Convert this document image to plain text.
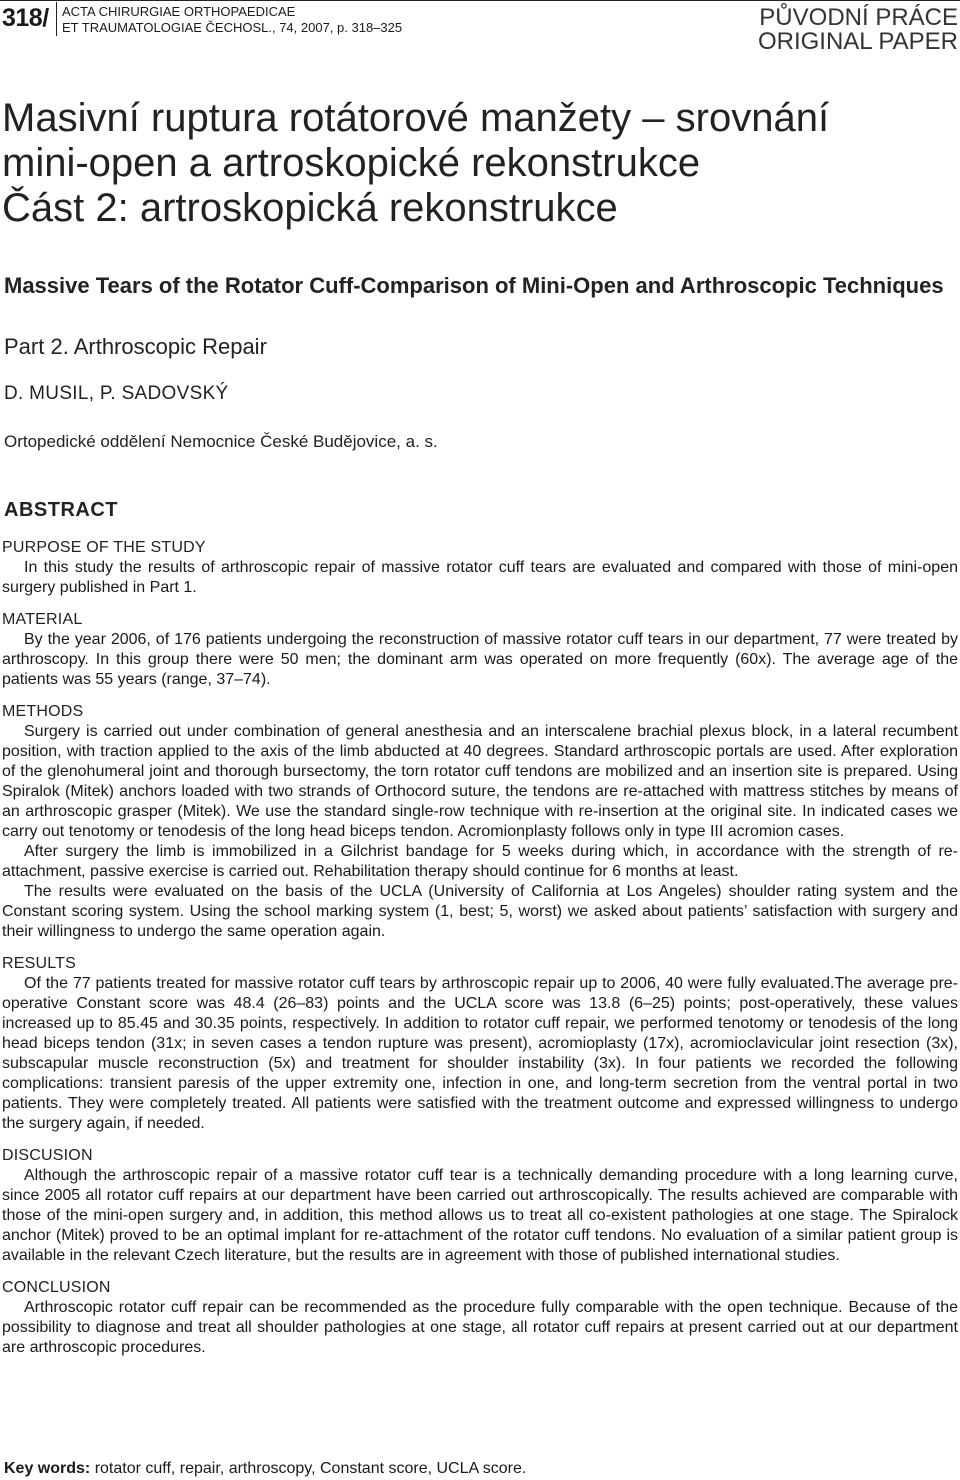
318/ ACTA CHIRURGIAE ORTHOPAEDICAE
ET TRAUMATOLOGIAE ČECHOSL., 74, 2007, p. 318–325	PŮVODNÍ PRÁCE
ORIGINAL PAPER
Masivní ruptura rotátorové manžety – srovnání
mini-open a artroskopické rekonstrukce
Část 2: artroskopická rekonstrukce
Massive Tears of the Rotator Cuff-Comparison of Mini-Open and Arthroscopic Techniques
Part 2. Arthroscopic Repair
D. MUSIL, P. SADOVSKÝ
Ortopedické oddělení Nemocnice České Budějovice, a. s.
ABSTRACT
PURPOSE OF THE STUDY

In this study the results of arthroscopic repair of massive rotator cuff tears are evaluated and compared with those of mini-open surgery published in Part 1.

MATERIAL

By the year 2006, of 176 patients undergoing the reconstruction of massive rotator cuff tears in our department, 77 were treated by arthroscopy. In this group there were 50 men; the dominant arm was operated on more frequently (60x). The average age of the patients was 55 years (range, 37–74).

METHODS

Surgery is carried out under combination of general anesthesia and an interscalene brachial plexus block, in a lateral recumbent position, with traction applied to the axis of the limb abducted at 40 degrees. Standard arthroscopic portals are used. After exploration of the glenohumeral joint and thorough bursectomy, the torn rotator cuff tendons are mobilized and an insertion site is prepared. Using Spiralok (Mitek) anchors loaded with two strands of Orthocord suture, the tendons are re-attached with mattress stitches by means of an arthroscopic grasper (Mitek). We use the standard single-row technique with re-insertion at the original site. In indicated cases we carry out tenotomy or tenodesis of the long head biceps tendon. Acromionplasty follows only in type III acromion cases.

After surgery the limb is immobilized in a Gilchrist bandage for 5 weeks during which, in accordance with the strength of re-attachment, passive exercise is carried out. Rehabilitation therapy should continue for 6 months at least.

The results were evaluated on the basis of the UCLA (University of California at Los Angeles) shoulder rating system and the Constant scoring system. Using the school marking system (1, best; 5, worst) we asked about patients’ satisfaction with surgery and their willingness to undergo the same operation again.

RESULTS

Of the 77 patients treated for massive rotator cuff tears by arthroscopic repair up to 2006, 40 were fully evaluated.The average pre-operative Constant score was 48.4 (26–83) points and the UCLA score was 13.8 (6–25) points; post-operatively, these values increased up to 85.45 and 30.35 points, respectively. In addition to rotator cuff repair, we performed tenotomy or tenodesis of the long head biceps tendon (31x; in seven cases a tendon rupture was present), acromioplasty (17x), acromioclavicular joint resection (3x), subscapular muscle reconstruction (5x) and treatment for shoulder instability (3x). In four patients we recorded the following complications: transient paresis of the upper extremity one, infection in one, and long-term secretion from the ventral portal in two patients. They were completely treated. All patients were satisfied with the treatment outcome and expressed willingness to undergo the surgery again, if needed.

DISCUSION

Although the arthroscopic repair of a massive rotator cuff tear is a technically demanding procedure with a long learning curve, since 2005 all rotator cuff repairs at our department have been carried out arthroscopically. The results achieved are comparable with those of the mini-open surgery and, in addition, this method allows us to treat all co-existent pathologies at one stage. The Spiralock anchor (Mitek) proved to be an optimal implant for re-attachment of the rotator cuff tendons. No evaluation of a similar patient group is available in the relevant Czech literature, but the results are in agreement with those of published international studies.

CONCLUSION

Arthroscopic rotator cuff repair can be recommended as the procedure fully comparable with the open technique. Because of the possibility to diagnose and treat all shoulder pathologies at one stage, all rotator cuff repairs at present carried out at our department are arthroscopic procedures.

Key words: rotator cuff, repair, arthroscopy, Constant score, UCLA score.
